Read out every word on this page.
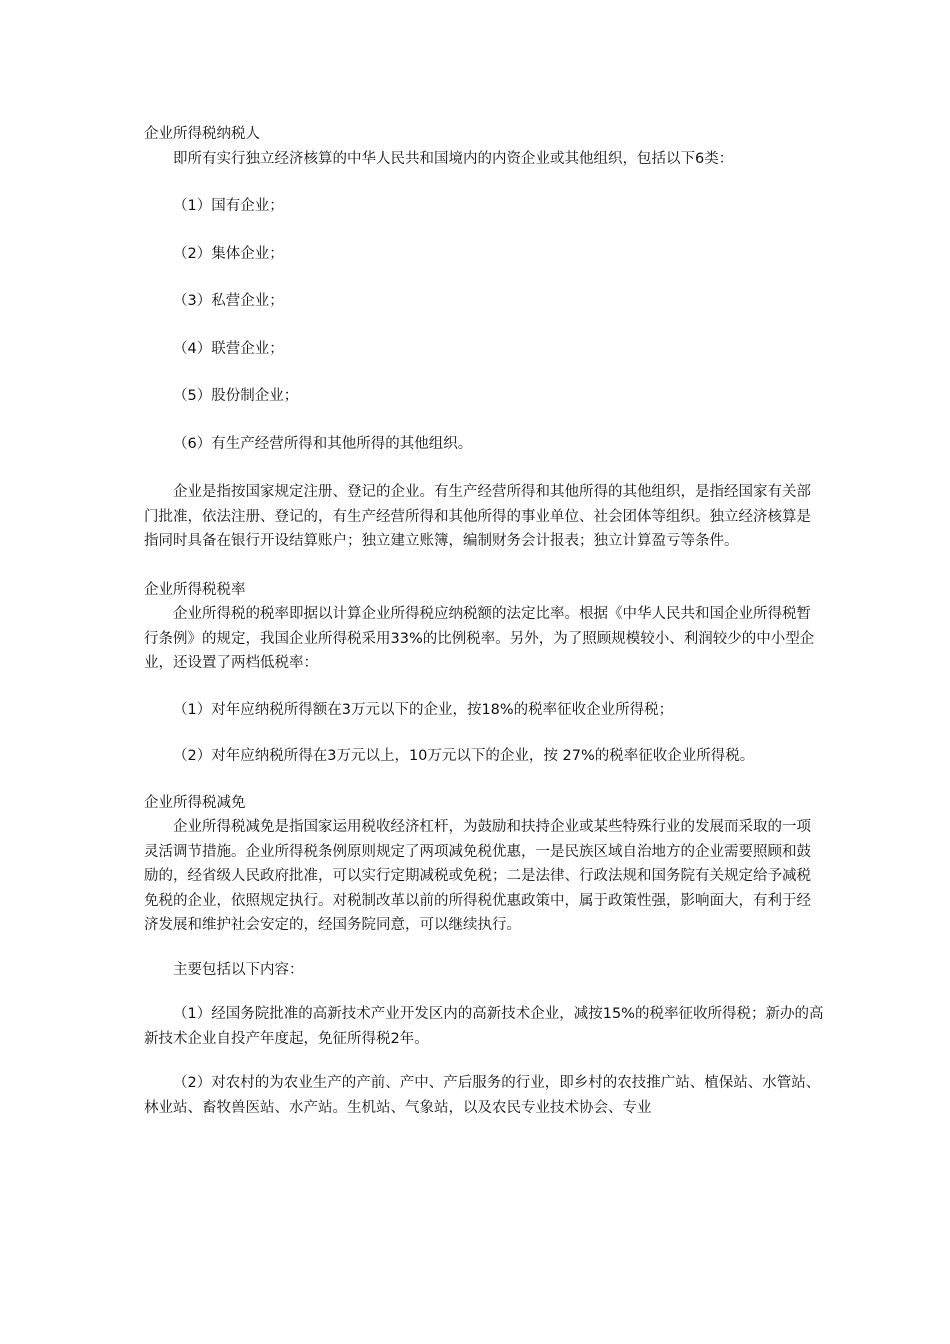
企业所得税纳税人

即所有实行独立经济核算的中华人民共和国境内的内资企业或其他组织，包括以下6类：

（1）国有企业；

（2）集体企业；

（3）私营企业；

（4）联营企业；

（5）股份制企业；

（6）有生产经营所得和其他所得的其他组织。

企业是指按国家规定注册、登记的企业。有生产经营所得和其他所得的其他组织，是指经国家有关部门批准，依法注册、登记的，有生产经营所得和其他所得的事业单位、社会团体等组织。独立经济核算是指同时具备在银行开设结算账户；独立建立账簿，编制财务会计报表；独立计算盈亏等条件。

企业所得税税率

企业所得税的税率即据以计算企业所得税应纳税额的法定比率。根据《中华人民共和国企业所得税暂行条例》的规定，我国企业所得税采用33%的比例税率。另外，为了照顾规模较小、利润较少的中小型企业，还设置了两档低税率：

（1）对年应纳税所得额在3万元以下的企业，按18%的税率征收企业所得税；

（2）对年应纳税所得在3万元以上，10万元以下的企业，按 27%的税率征收企业所得税。

企业所得税减免

企业所得税减免是指国家运用税收经济杠杆，为鼓励和扶持企业或某些特殊行业的发展而采取的一项灵活调节措施。企业所得税条例原则规定了两项减免税优惠，一是民族区域自治地方的企业需要照顾和鼓励的，经省级人民政府批准，可以实行定期减税或免税；二是法律、行政法规和国务院有关规定给予减税免税的企业，依照规定执行。对税制改革以前的所得税优惠政策中，属于政策性强，影响面大，有利于经济发展和维护社会安定的，经国务院同意，可以继续执行。

主要包括以下内容：

（1）经国务院批准的高新技术产业开发区内的高新技术企业，减按15%的税率征收所得税；新办的高新技术企业自投产年度起，免征所得税2年。

（2）对农村的为农业生产的产前、产中、产后服务的行业，即乡村的农技推广站、植保站、水管站、林业站、畜牧兽医站、水产站。生机站、气象站，以及农民专业技术协会、专业
